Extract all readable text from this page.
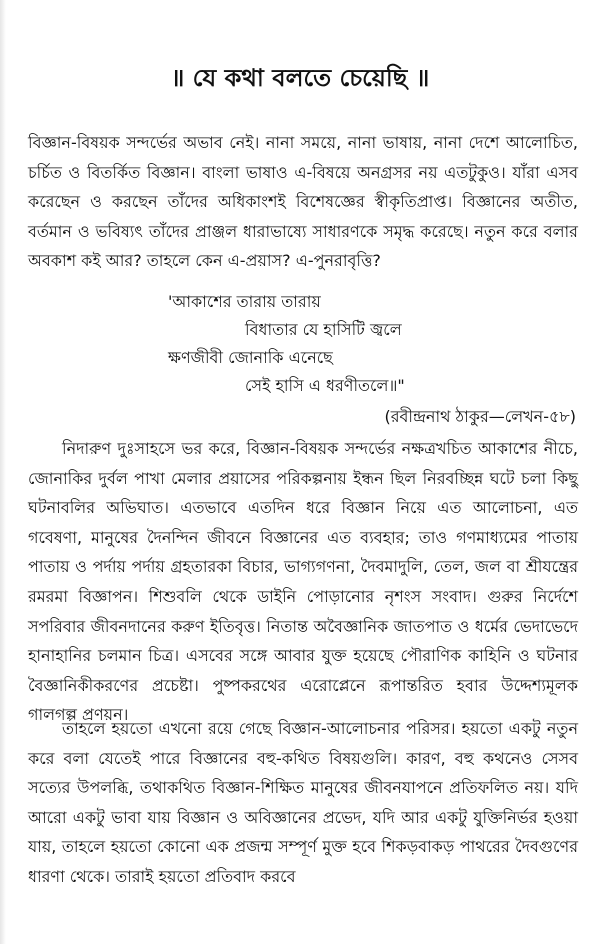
॥ যে কথা বলতে চেয়েছি ॥

বিজ্ঞান-বিষয়ক সন্দর্ভের অভাব নেই। নানা সময়ে, নানা ভাষায়, নানা দেশে আলোচিত, চর্চিত ও বিতর্কিত বিজ্ঞান। বাংলা ভাষাও এ-বিষয়ে অনগ্রসর নয় এতটুকুও। যাঁরা এসব করেছেন ও করছেন তাঁদের অধিকাংশই বিশেষজ্ঞের স্বীকৃতিপ্রাপ্ত। বিজ্ঞানের অতীত, বর্তমান ও ভবিষ্যৎ তাঁদের প্রাঞ্জল ধারাভাষ্যে সাধারণকে সমৃদ্ধ করেছে। নতুন করে বলার অবকাশ কই আর? তাহলে কেন এ-প্রয়াস? এ-পুনরাবৃত্তি?

'আকাশের তারায় তারায়
বিধাতার যে হাসিটি জ্বলে
ক্ষণজীবী জোনাকি এনেছে
সেই হাসি এ ধরণীতলে॥"
(রবীন্দ্রনাথ ঠাকুর—লেখন-৫৮)

নিদারুণ দুঃসাহসে ভর করে, বিজ্ঞান-বিষয়ক সন্দর্ভের নক্ষত্রখচিত আকাশের নীচে, জোনাকির দুর্বল পাখা মেলার প্রয়াসের পরিকল্পনায় ইন্ধন ছিল নিরবচ্ছিন্ন ঘটে চলা কিছু ঘটনাবলির অভিঘাত। এতভাবে এতদিন ধরে বিজ্ঞান নিয়ে এত আলোচনা, এত গবেষণা, মানুষের দৈনন্দিন জীবনে বিজ্ঞানের এত ব্যবহার; তাও গণমাধ্যমের পাতায় পাতায় ও পর্দায় পর্দায় গ্রহতারকা বিচার, ভাগ্যগণনা, দৈবমাদুলি, তেল, জল বা শ্রীযন্ত্রের রমরমা বিজ্ঞাপন। শিশুবলি থেকে ডাইনি পোড়ানোর নৃশংস সংবাদ। গুরুর নির্দেশে সপরিবার জীবনদানের করুণ ইতিবৃত্ত। নিতান্ত অবৈজ্ঞানিক জাতপাত ও ধর্মের ভেদাভেদে হানাহানির চলমান চিত্র। এসবের সঙ্গে আবার যুক্ত হয়েছে পৌরাণিক কাহিনি ও ঘটনার বৈজ্ঞানিকীকরণের প্রচেষ্টা। পুষ্পকরথের এরোপ্লেনে রূপান্তরিত হবার উদ্দেশ্যমূলক গালগল্প প্রণয়ন।

তাহলে হয়তো এখনো রয়ে গেছে বিজ্ঞান-আলোচনার পরিসর। হয়তো একটু নতুন করে বলা যেতেই পারে বিজ্ঞানের বহু-কথিত বিষয়গুলি। কারণ, বহু কথনেও সেসব সত্যের উপলব্ধি, তথাকথিত বিজ্ঞান-শিক্ষিত মানুষের জীবনযাপনে প্রতিফলিত নয়। যদি আরো একটু ভাবা যায় বিজ্ঞান ও অবিজ্ঞানের প্রভেদ, যদি আর একটু যুক্তিনির্ভর হওয়া যায়, তাহলে হয়তো কোনো এক প্রজন্ম সম্পূর্ণ মুক্ত হবে শিকড়বাকড় পাথরের দৈবগুণের ধারণা থেকে। তারাই হয়তো প্রতিবাদ করবে
